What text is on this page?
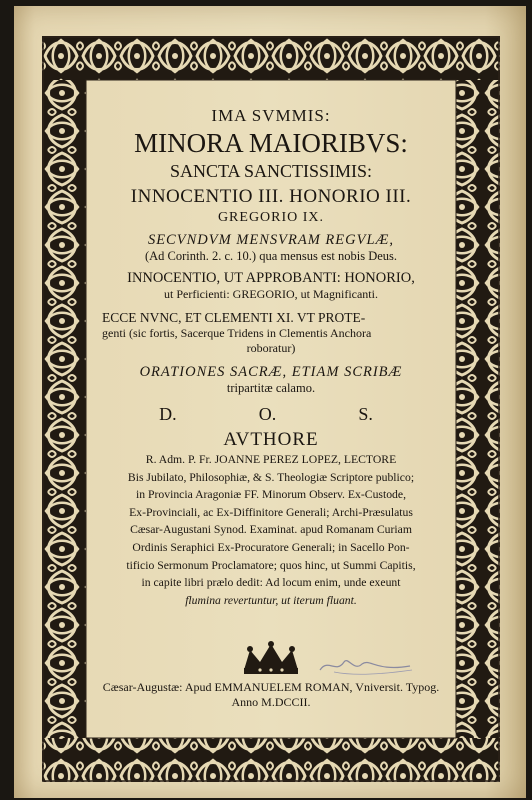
IMA SVMMIS:
MINORA MAIORIBVS:
SANCTA SANCTISSIMIS:
INNOCENTIO III. HONORIO III.
GREGORIO IX.
SECVNDVM MENSVRAM REGVLÆ,
(Ad Corinth. 2. c. 10.) qua mensus est nobis Deus.
INNOCENTIO, UT APPROBANTI: HONORIO,
ut Perficienti: GREGORIO, ut Magnificanti.
ECCE NVNC, ET CLEMENTI XI. VT PROTE-
genti (sic fortis, Sacerque Tridens in Clementis Anchora
roboratur)
ORATIONES SACRÆ, ETIAM SCRIBÆ
tripartitæ calamo.
D.	O.	S.
AVTHORE
R. Adm. P. Fr. JOANNE PEREZ LOPEZ, LECTORE
Bis Jubilato, Philosophiæ, & S. Theologiæ Scriptore publico;
in Provincia Aragoniæ FF. Minorum Observ. Ex-Custode,
Ex-Provinciali, ac Ex-Diffinitore Generali; Archi-Præsulatus
Cæsar-Augustani Synod. Examinat. apud Romanam Curiam
Ordinis Seraphici Ex-Procuratore Generali; in Sacello Pon-
tificio Sermonum Proclamatore; quos hinc, ut Summi Capitis,
in capite libri prælo dedit: Ad locum enim, unde exeunt
flumina revertuntur, ut iterum fluant.
Cæsar-Augustæ: Apud EMMANUELEM ROMAN, Vniversit. Typog.
Anno M.DCCII.
